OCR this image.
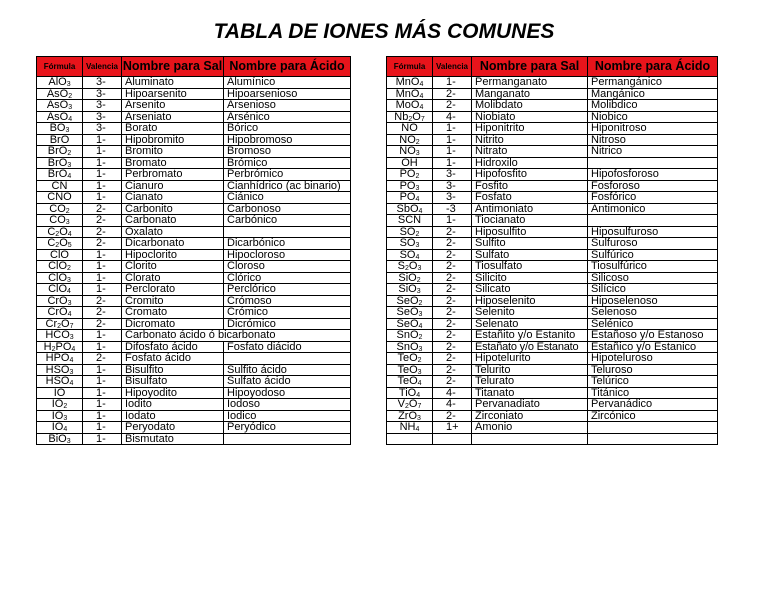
TABLA DE IONES MÁS COMUNES
Fórmula	Valencia	Nombre para Sal	Nombre para Ácido
AlO$_3$	3-	Aluminato	Alumínico
AsO$_2$	3-	Hipoarsenito	Hipoarsenioso
AsO$_3$	3-	Arsenito	Arsenioso
AsO$_4$	3-	Arseniato	Arsénico
$BO_3$	3-	Borato	Bórico
BrO	1-	Hipobromito	Hipobromoso
BrO$_2$	1-	Bromito	Bromoso
BrO$_3$	1-	Bromato	Brómico
BrO$_4$	1-	Perbromato	Perbrómico
CN	1-	Cianuro	Cianhídrico (ac binario)
CNO	1-	Cianato	Ciánico
$CO_2$	2-	Carbonito	Carbonoso
$CO_3$	2-	Carbonato	Carbónico
$C_2O_4$	2-	Oxalato	
$C_2O_5$	2-	Dicarbonato	Dicarbónico
ClO	1-	Hipoclorito	Hipocloroso
ClO$_2$	1-	Clorito	Cloroso
ClO$_3$	1-	Clorato	Clórico
ClO$_4$	1-	Perclorato	Perclórico
CrO$_3$	2-	Cromito	Crómoso
CrO$_4$	2-	Cromato	Crómico
$Cr_2O_7$	2-	Dicromato	Dicrómico
$HCO_3$	1-	Carbonato ácido ó bicarbonato	
$H_2PO_4$	1-	Difosfato ácido	Fosfato diácido
$HPO_4$	2-	Fosfato ácido	
$HSO_3$	1-	Bisulfito	Sulfito ácido
$HSO_4$	1-	Bisulfato	Sulfato ácido
IO	1-	Hipoyodito	Hipoyodoso
$IO_2$	1-	Iodito	Iodoso
$IO_3$	1-	Iodato	Iodico
$IO_4$	1-	Peryodato	Peryódico
BiO$_3$	1-	Bismutato	
Fórmula	Valencia	Nombre para Sal	Nombre para Ácido
MnO$_4$	1-	Permanganato	Permangánico
MnO$_4$	2-	Manganato	Mangánico
MoO$_4$	2-	Molibdato	Molibdico
$Nb_2O_7$	4-	Niobiato	Niobico
NO	1-	Hiponitrito	Hiponitroso
$NO_2$	1-	Nitrito	Nitroso
$NO_3$	1-	Nitrato	Nitrico
OH	1-	Hidroxilo	
$PO_2$	3-	Hipofosfito	Hipofosforoso
$PO_3$	3-	Fosfito	Fosforoso
$PO_4$	3-	Fosfato	Fosfórico
SbO$_4$	-3	Antimoniato	Antimonico
SCN	1-	Tiocianato	
$SO_2$	2-	Hiposulfito	Hiposulfuroso
$SO_3$	2-	Sulfito	Sulfuroso
$SO_4$	2-	Sulfato	Sulfúrico
$S_2O_3$	2-	Tiosulfato	Tiosulfúrico
SiO$_2$	2-	Silicito	Silicoso
SiO$_3$	2-	Silicato	Silícico
SeO$_2$	2-	Hiposelenito	Hiposelenoso
SeO$_3$	2-	Selenito	Selenoso
SeO$_4$	2-	Selenato	Selénico
SnO$_2$	2-	Estañito y/o Estanito	Estañoso y/o Estanoso
SnO$_3$	2-	Estañato y/o Estanato	Estañico y/o Estanico
TeO$_2$	2-	Hipotelurito	Hipoteluroso
TeO$_3$	2-	Telurito	Teluroso
TeO$_4$	2-	Telurato	Telúrico
TiO$_4$	4-	Titanato	Titánico
$V_2O_7$	4-	Pervanadiato	Pervanádico
ZrO$_3$	2-	Zirconiato	Zircónico
$NH_4$	1+	Amonio	
